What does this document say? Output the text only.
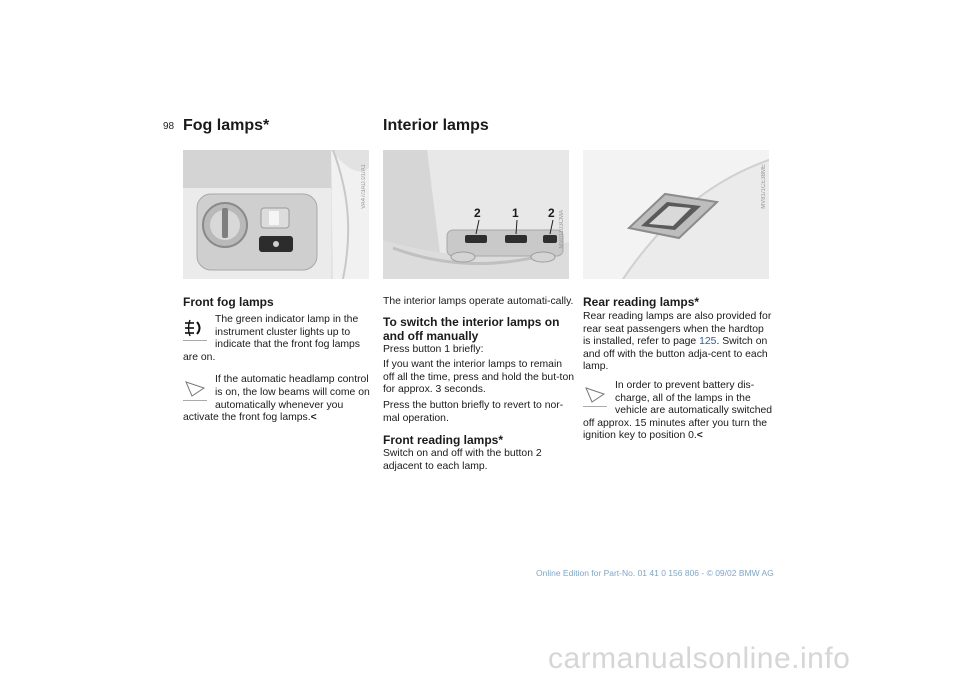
98 Fog lamps*	Interior lamps
VA47/3AD.01/A1
2	1 2 MV01103CMA
MV81/1CE38ME
Front fog lamps
The green indicator lamp in the instrument cluster lights up to indicate that the front fog lamps are on.
If the automatic headlamp control is on, the low beams will come on automatically whenever you activate the front fog lamps.<

The interior lamps operate automati-cally.

To switch the interior lamps on and off manually

Press button 1 briefly:

If you want the interior lamps to remain off all the time, press and hold the but-ton for approx. 3 seconds.

Press the button briefly to revert to nor-mal operation.

Front reading lamps*

Switch on and off with the button 2 adjacent to each lamp.

Rear reading lamps*

Rear reading lamps are also provided for rear seat passengers when the hardtop is installed, refer to page 125. Switch on and off with the button adja-cent to each lamp.

In order to prevent battery dis-charge, all of the lamps in the vehicle are automatically switched off approx. 15 minutes after you turn the ignition key to position 0.<
Online Edition for Part-No. 01 41 0 156 806 - © 09/02 BMW AG
carmanualsonline.info
